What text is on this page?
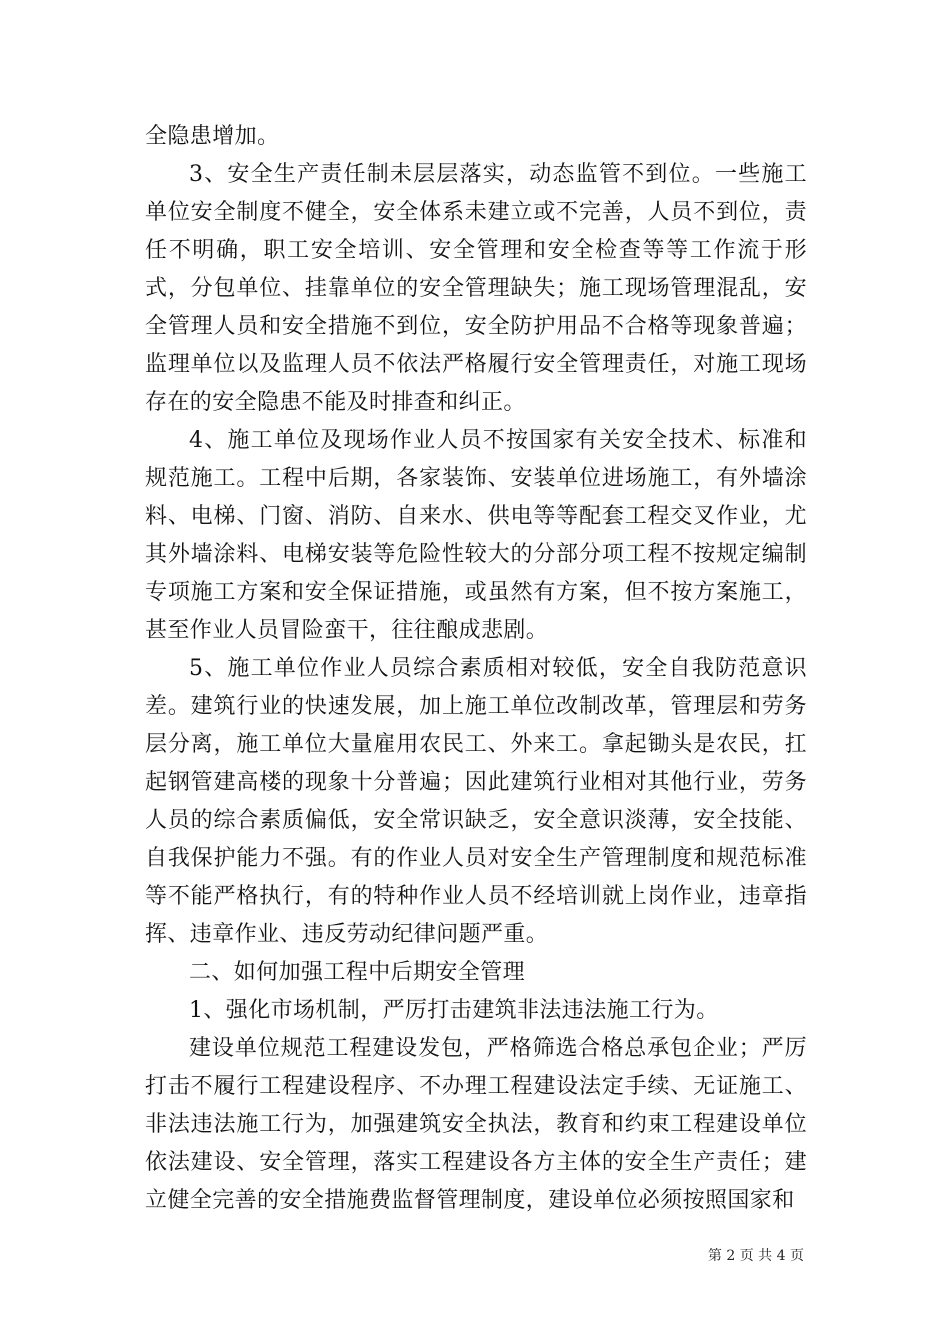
全隐患增加。

3、安全生产责任制未层层落实，动态监管不到位。一些施工单位安全制度不健全，安全体系未建立或不完善，人员不到位，责任不明确，职工安全培训、安全管理和安全检查等等工作流于形式，分包单位、挂靠单位的安全管理缺失；施工现场管理混乱，安全管理人员和安全措施不到位，安全防护用品不合格等现象普遍；监理单位以及监理人员不依法严格履行安全管理责任，对施工现场存在的安全隐患不能及时排查和纠正。

4、施工单位及现场作业人员不按国家有关安全技术、标准和规范施工。工程中后期，各家装饰、安装单位进场施工，有外墙涂料、电梯、门窗、消防、自来水、供电等等配套工程交叉作业，尤其外墙涂料、电梯安装等危险性较大的分部分项工程不按规定编制专项施工方案和安全保证措施，或虽然有方案，但不按方案施工，甚至作业人员冒险蛮干，往往酿成悲剧。

5、施工单位作业人员综合素质相对较低，安全自我防范意识差。建筑行业的快速发展，加上施工单位改制改革，管理层和劳务层分离，施工单位大量雇用农民工、外来工。拿起锄头是农民，扛起钢管建高楼的现象十分普遍；因此建筑行业相对其他行业，劳务人员的综合素质偏低，安全常识缺乏，安全意识淡薄，安全技能、自我保护能力不强。有的作业人员对安全生产管理制度和规范标准等不能严格执行，有的特种作业人员不经培训就上岗作业，违章指挥、违章作业、违反劳动纪律问题严重。

二、如何加强工程中后期安全管理

1、强化市场机制，严厉打击建筑非法违法施工行为。

建设单位规范工程建设发包，严格筛选合格总承包企业；严厉打击不履行工程建设程序、不办理工程建设法定手续、无证施工、非法违法施工行为，加强建筑安全执法，教育和约束工程建设单位依法建设、安全管理，落实工程建设各方主体的安全生产责任；建立健全完善的安全措施费监督管理制度，建设单位必须按照国家和

第 2 页 共 4 页
